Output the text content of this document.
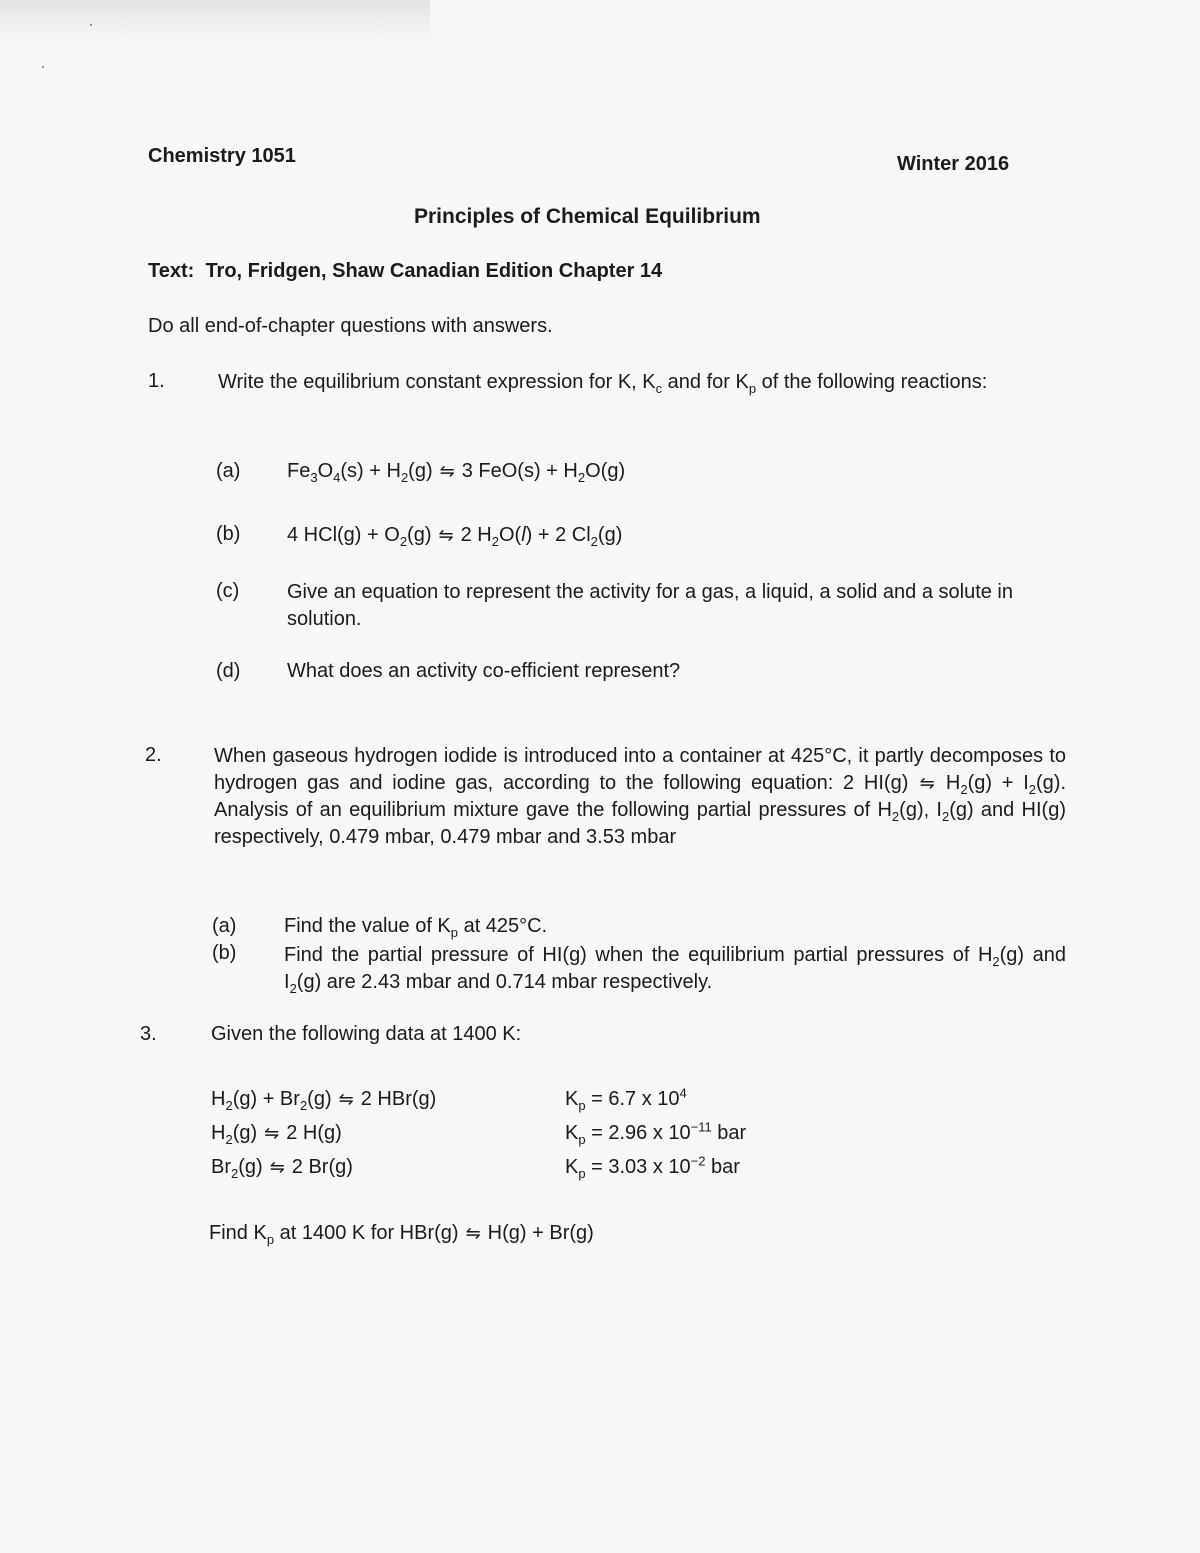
Chemistry 1051	Winter 2016
Principles of Chemical Equilibrium
Text: Tro, Fridgen, Shaw Canadian Edition Chapter 14
Do all end-of-chapter questions with answers.
1.	Write the equilibrium constant expression for K, $K_c$ and for $K_p$ of the following reactions:
(a) $Fe_3O_4(s) + H_2(g)$ ⇋ 3 $FeO(s) + H_2O(g)$
(b) 4 $HCl(g) + O_2(g)$ ⇋ 2 $H_2O(l) + 2$ $Cl_2(g)$
(c) Give an equation to represent the activity for a gas, a liquid, a solid and a solute in solution.
(d) What does an activity co-efficient represent?
2.	When gaseous hydrogen iodide is introduced into a container at 425°C, it partly decomposes to hydrogen gas and iodine gas, according to the following equation: 2 HI(g) ⇋ $H_2(g) + I_2(g)$. Analysis of an equilibrium mixture gave the following partial pressures of $H_2(g)$, $I_2(g)$ and HI(g) respectively, 0.479 mbar, 0.479 mbar and 3.53 mbar
(a) Find the value of $K_p$ at 425°C.
(b) Find the partial pressure of HI(g) when the equilibrium partial pressures of $H_2(g)$ and $I_2(g)$ are 2.43 mbar and 0.714 mbar respectively.
3.	Given the following data at 1400 K:
$H_2(g) + Br_2(g)$ ⇋ 2 HBr(g)	$K_p = 6.7$ x $10^4$
$H_2(g)$ ⇋ 2 H(g)	$K_p = 2.96$ x $10^{-11}$ bar
$Br_2(g)$ ⇋ 2 Br(g)	$K_p = 3.03$ x $10^{-2}$ bar
Find $K_p$ at 1400 K for HBr(g) ⇋ H(g) + Br(g)
